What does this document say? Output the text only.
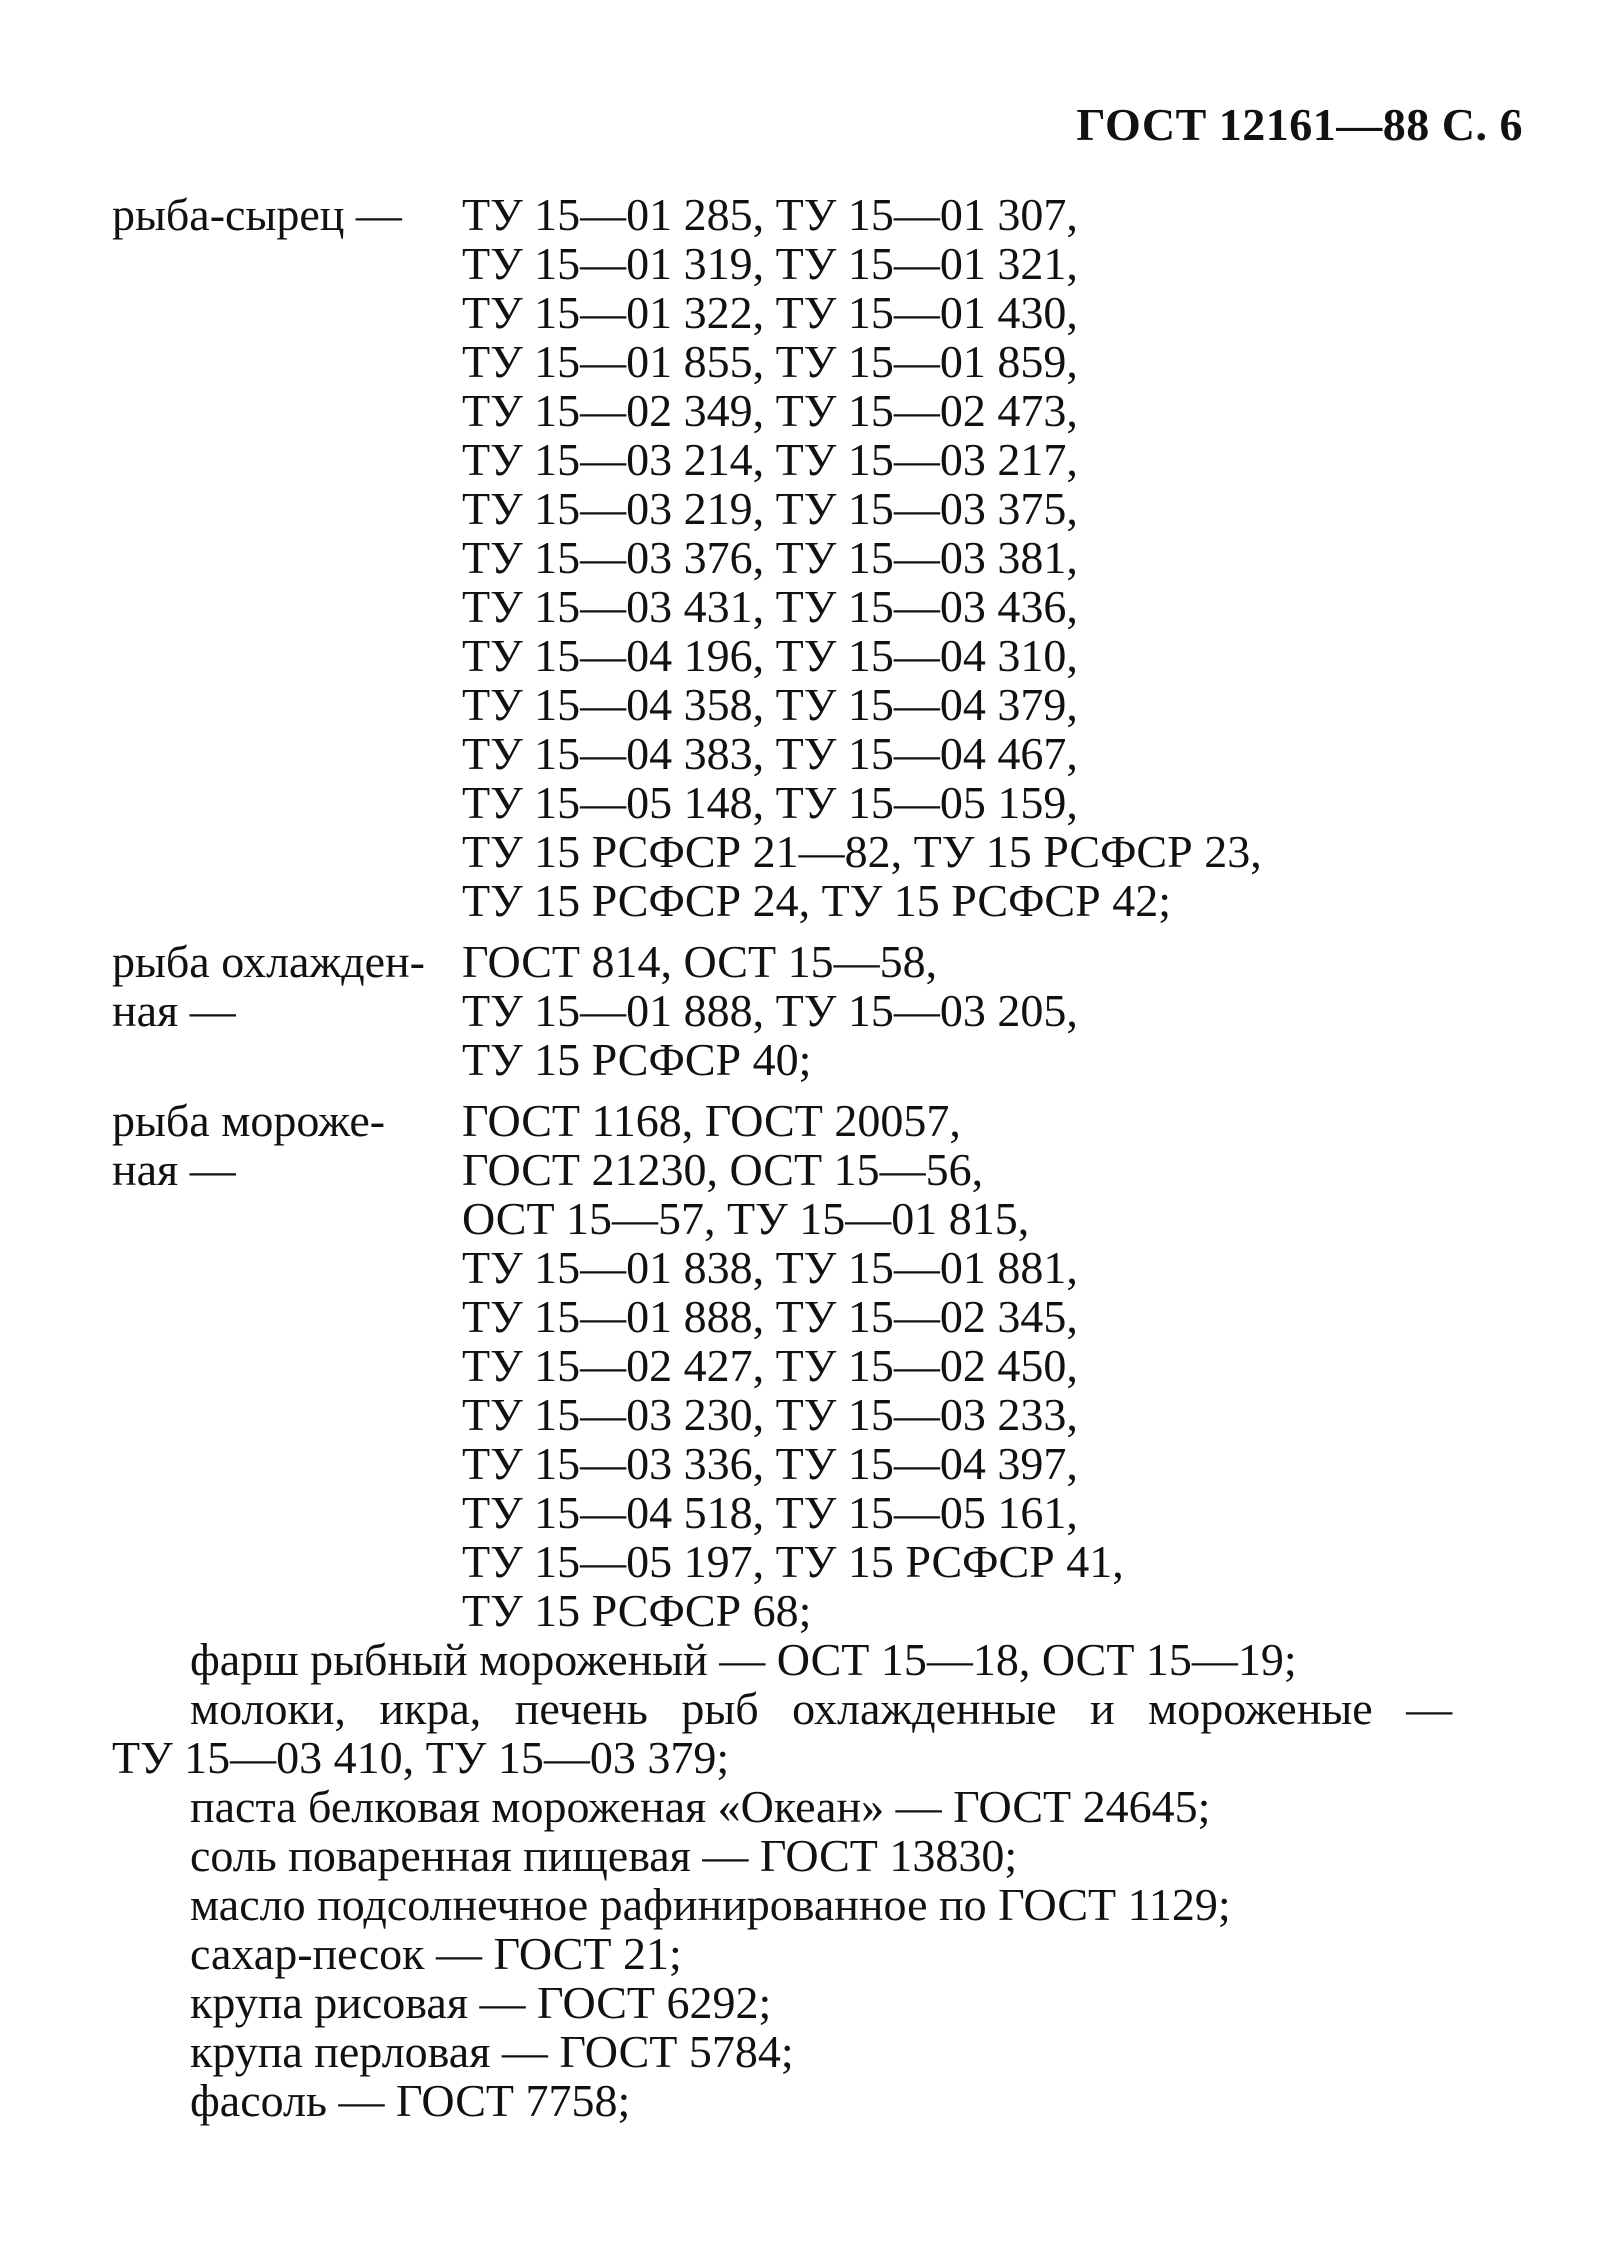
ГОСТ 12161—88 С. 6
рыба-сырец —	ТУ 15—01 285, ТУ 15—01 307,
ТУ 15—01 319, ТУ 15—01 321,
ТУ 15—01 322, ТУ 15—01 430,
ТУ 15—01 855, ТУ 15—01 859,
ТУ 15—02 349, ТУ 15—02 473,
ТУ 15—03 214, ТУ 15—03 217,
ТУ 15—03 219, ТУ 15—03 375,
ТУ 15—03 376, ТУ 15—03 381,
ТУ 15—03 431, ТУ 15—03 436,
ТУ 15—04 196, ТУ 15—04 310,
ТУ 15—04 358, ТУ 15—04 379,
ТУ 15—04 383, ТУ 15—04 467,
ТУ 15—05 148, ТУ 15—05 159,
ТУ 15 РСФСР 21—82, ТУ 15 РСФСР 23,
ТУ 15 РСФСР 24, ТУ 15 РСФСР 42;
рыба охлажден-
ная —
ГОСТ 814, ОСТ 15—58,
ТУ 15—01 888, ТУ 15—03 205,
ТУ 15 РСФСР 40;
рыба мороже-
ная —
ГОСТ 1168, ГОСТ 20057,
ГОСТ 21230, ОСТ 15—56,
ОСТ 15—57, ТУ 15—01 815,
ТУ 15—01 838, ТУ 15—01 881,
ТУ 15—01 888, ТУ 15—02 345,
ТУ 15—02 427, ТУ 15—02 450,
ТУ 15—03 230, ТУ 15—03 233,
ТУ 15—03 336, ТУ 15—04 397,
ТУ 15—04 518, ТУ 15—05 161,
ТУ 15—05 197, ТУ 15 РСФСР 41,
ТУ 15 РСФСР 68;
фарш рыбный мороженый — ОСТ 15—18, ОСТ 15—19;
молоки, икра, печень рыб охлажденные и мороженые —
ТУ 15—03 410, ТУ 15—03 379;
паста белковая мороженая «Океан» — ГОСТ 24645;
соль поваренная пищевая — ГОСТ 13830;
масло подсолнечное рафинированное по ГОСТ 1129;
сахар-песок — ГОСТ 21;
крупа рисовая — ГОСТ 6292;
крупа перловая — ГОСТ 5784;
фасоль — ГОСТ 7758;
